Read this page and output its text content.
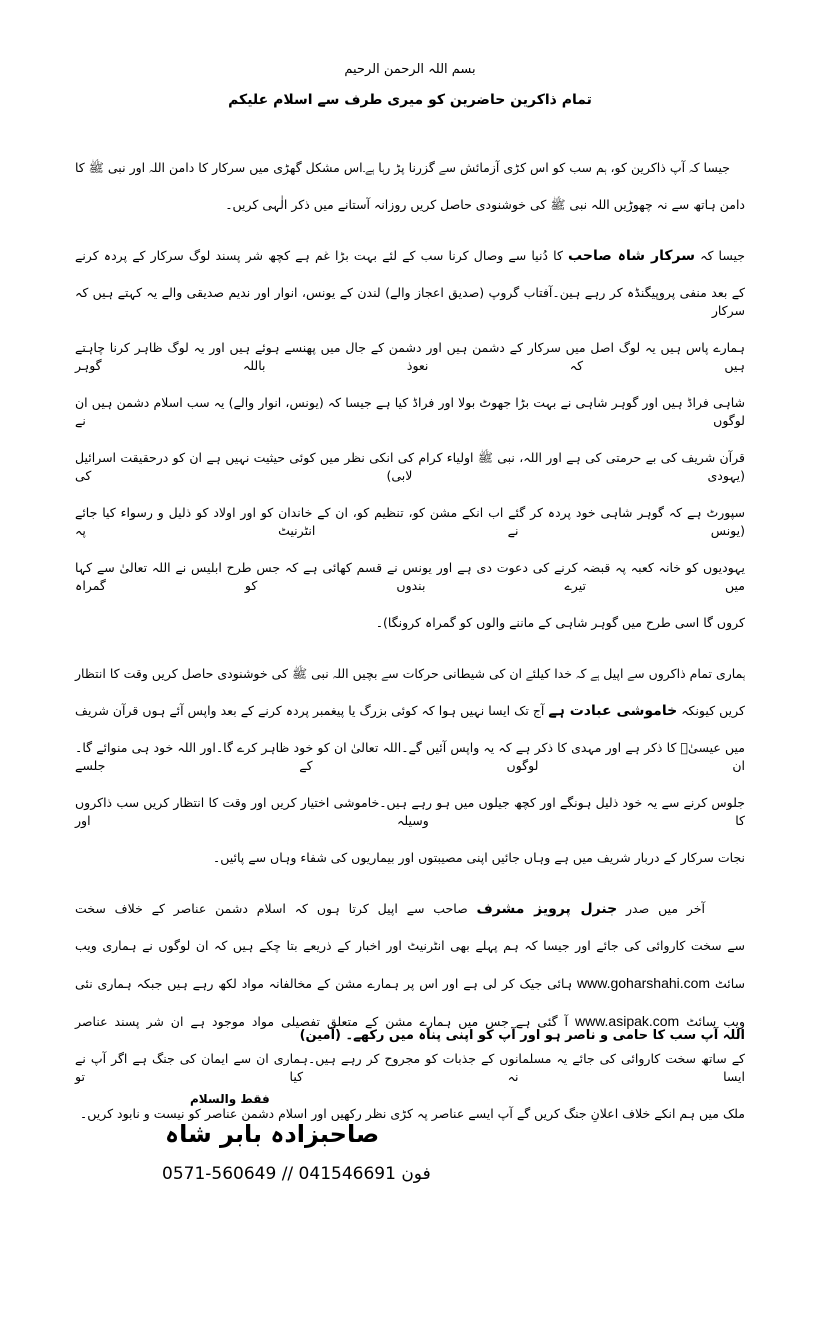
بسم اللہ الرحمن الرحیم
تمام ذاکرین حاضرین کو میری طرف سے اسلام علیکم
جیسا کہ آپ ذاکرین کو، ہم سب کو اس کڑی آزمائش سے گزرنا پڑ رہا ہے۔اس مشکل گھڑی میں سرکار کا دامن اللہ اور نبی ﷺ کا
دامن ہاتھ سے نہ چھوڑیں اللہ نبی ﷺ کی خوشنودی حاصل کریں روزانہ آستانے میں ذکر الٰہی کریں۔
جیسا کہ سرکار شاہ صاحب کا دُنیا سے وصال کرنا سب کے لئے بہت بڑا غم ہے کچھ شر پسند لوگ سرکار کے پردہ کرنے
کے بعد منفی پروپیگنڈہ کر رہے ہین۔آفتاب گروپ (صدیق اعجاز والے) لندن کے یونس، انوار اور ندیم صدیقی والے یہ کہتے ہیں کہ سرکار
ہمارے پاس ہیں یہ لوگ اصل میں سرکار کے دشمن ہیں اور دشمن کے جال میں پھنسے ہوئے ہیں اور یہ لوگ ظاہر کرنا چاہتے ہیں کہ نعوذ باللہ گوہر
شاہی فراڈ ہیں اور گوہر شاہی نے بہت بڑا جھوٹ بولا اور فراڈ کیا ہے جیسا کہ (یونس، انوار والے) یہ سب اسلام دشمن ہیں ان لوگوں نے
قرآن شریف کی بے حرمتی کی ہے اور اللہ، نبی ﷺ اولیاء کرام کی انکی نظر میں کوئی حیثیت نہیں ہے ان کو درحقیقت اسرائیل (یہودی لابی) کی
سپورٹ ہے کہ گوہر شاہی خود پردہ کر گئے اب انکے مشن کو، تنظیم کو، ان کے خاندان کو اور اولاد کو ذلیل و رسواء کیا جائے (یونس نے انٹرنیٹ پہ
یہودیوں کو خانہ کعبہ پہ قبضہ کرنے کی دعوت دی ہے اور یونس نے قسم کھائی ہے کہ جس طرح ابلیس نے اللہ تعالیٰ سے کہا میں تیرے بندوں کو گمراہ
کروں گا اسی طرح میں گوہر شاہی کے ماننے والوں کو گمراہ کرونگا)۔
ہماری تمام ذاکروں سے اپیل ہے کہ خدا کیلئے ان کی شیطانی حرکات سے بچیں اللہ نبی ﷺ کی خوشنودی حاصل کریں وقت کا انتظار
کریں کیونکہ خاموشی عبادت ہے آج تک ایسا نہیں ہوا کہ کوئی بزرگ یا پیغمبر پردہ کرنے کے بعد واپس آئے ہوں قرآن شریف
میں عیسیٰؑ کا ذکر ہے اور مہدی کا ذکر ہے کہ یہ واپس آئیں گے۔اللہ تعالیٰ ان کو خود ظاہر کرے گا۔اور اللہ خود ہی منوائے گا۔ان لوگوں کے جلسے
جلوس کرنے سے یہ خود ذلیل ہونگے اور کچھ جیلوں میں ہو رہے ہیں۔خاموشی اختیار کریں اور وقت کا انتظار کریں سب ذاکروں کا وسیلہ اور
نجات سرکار کے دربار شریف میں ہے وہاں جائیں اپنی مصیبتوں اور بیماریوں کی شفاء وہاں سے پائیں۔
آخر میں صدر جنرل پرویز مشرف صاحب سے اپیل کرتا ہوں کہ اسلام دشمن عناصر کے خلاف سخت
سے سخت کاروائی کی جائے اور جیسا کہ ہم پہلے بھی انٹرنیٹ اور اخبار کے ذریعے بتا چکے ہیں کہ ان لوگوں نے ہماری ویب
سائٹ www.goharshahi.com ہائی جیک کر لی ہے اور اس پر ہمارے مشن کے مخالفانہ مواد لکھ رہے ہیں جبکہ ہماری نئی
ویب سائٹ www.asipak.com آ گئی ہے جس میں ہمارے مشن کے متعلق تفصیلی مواد موجود ہے ان شر پسند عناصر
کے ساتھ سخت کاروائی کی جائے یہ مسلمانوں کے جذبات کو مجروح کر رہے ہیں۔ہماری ان سے ایمان کی جنگ ہے اگر آپ نے ایسا نہ کیا تو
ملک میں ہم انکے خلاف اعلانِ جنگ کریں گے آپ ایسے عناصر پہ کڑی نظر رکھیں اور اسلام دشمن عناصر کو نیست و نابود کریں۔
اللہ آپ سب کا حامی و ناصر ہو اور آپ کو اپنی پناہ میں رکھے۔ (آمین)
فقط والسلام
صاحبزادہ بابر شاہ
0571-560649 // 041546691 فون
